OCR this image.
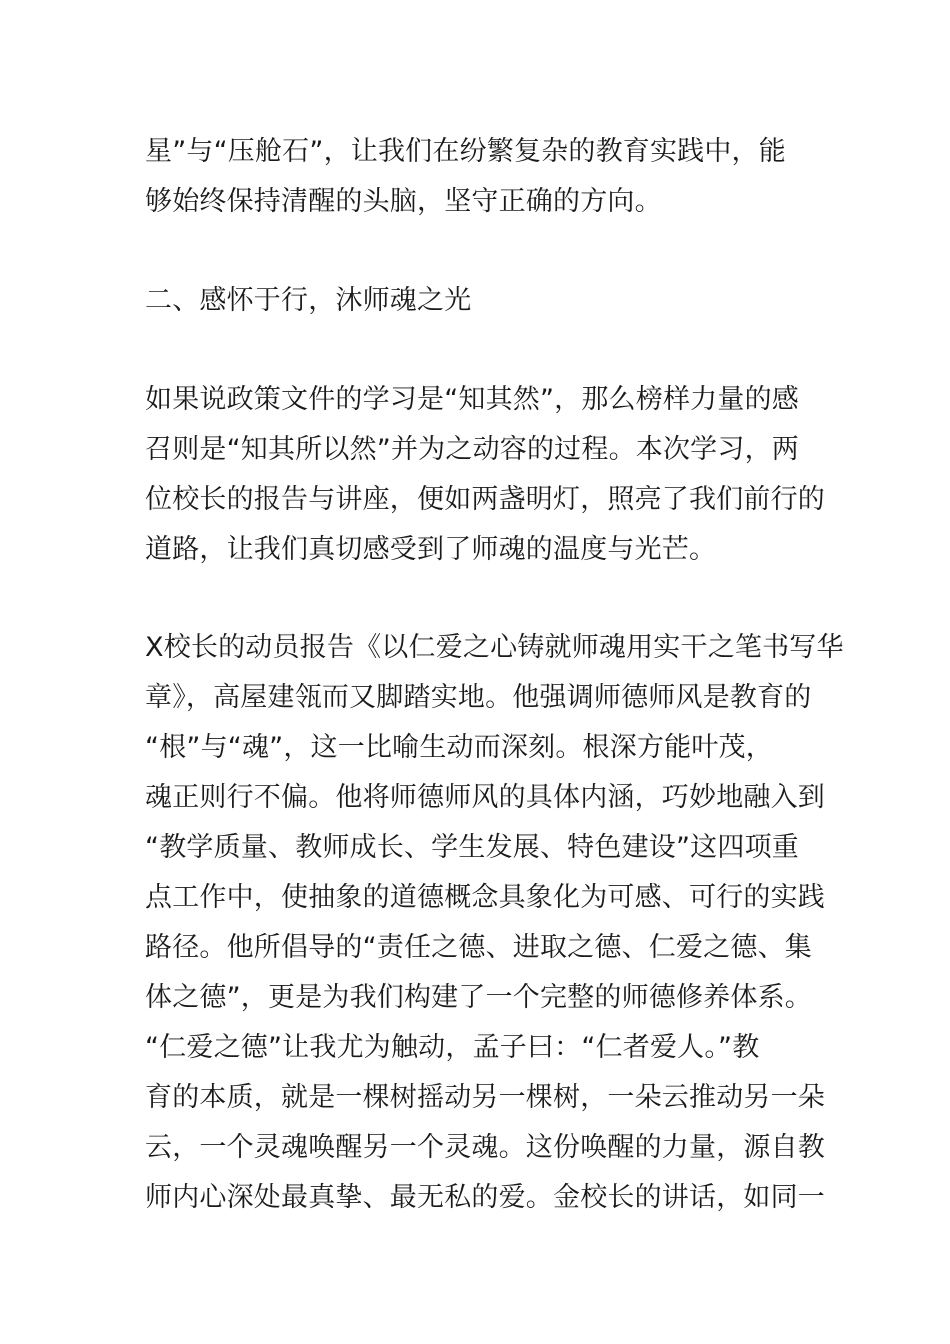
星”与“压舱石”，让我们在纷繁复杂的教育实践中，能
够始终保持清醒的头脑，坚守正确的方向。
二、感怀于行，沐师魂之光
如果说政策文件的学习是“知其然”，那么榜样力量的感
召则是“知其所以然”并为之动容的过程。本次学习，两
位校长的报告与讲座，便如两盏明灯，照亮了我们前行的
道路，让我们真切感受到了师魂的温度与光芒。
X校长的动员报告《以仁爱之心铸就师魂用实干之笔书写华
章》，高屋建瓴而又脚踏实地。他强调师德师风是教育的
“根”与“魂”，这一比喻生动而深刻。根深方能叶茂，
魂正则行不偏。他将师德师风的具体内涵，巧妙地融入到
“教学质量、教师成长、学生发展、特色建设”这四项重
点工作中，使抽象的道德概念具象化为可感、可行的实践
路径。他所倡导的“责任之德、进取之德、仁爱之德、集
体之德”，更是为我们构建了一个完整的师德修养体系。
“仁爱之德”让我尤为触动，孟子曰：“仁者爱人。”教
育的本质，就是一棵树摇动另一棵树，一朵云推动另一朵
云，一个灵魂唤醒另一个灵魂。这份唤醒的力量，源自教
师内心深处最真挚、最无私的爱。金校长的讲话，如同一
